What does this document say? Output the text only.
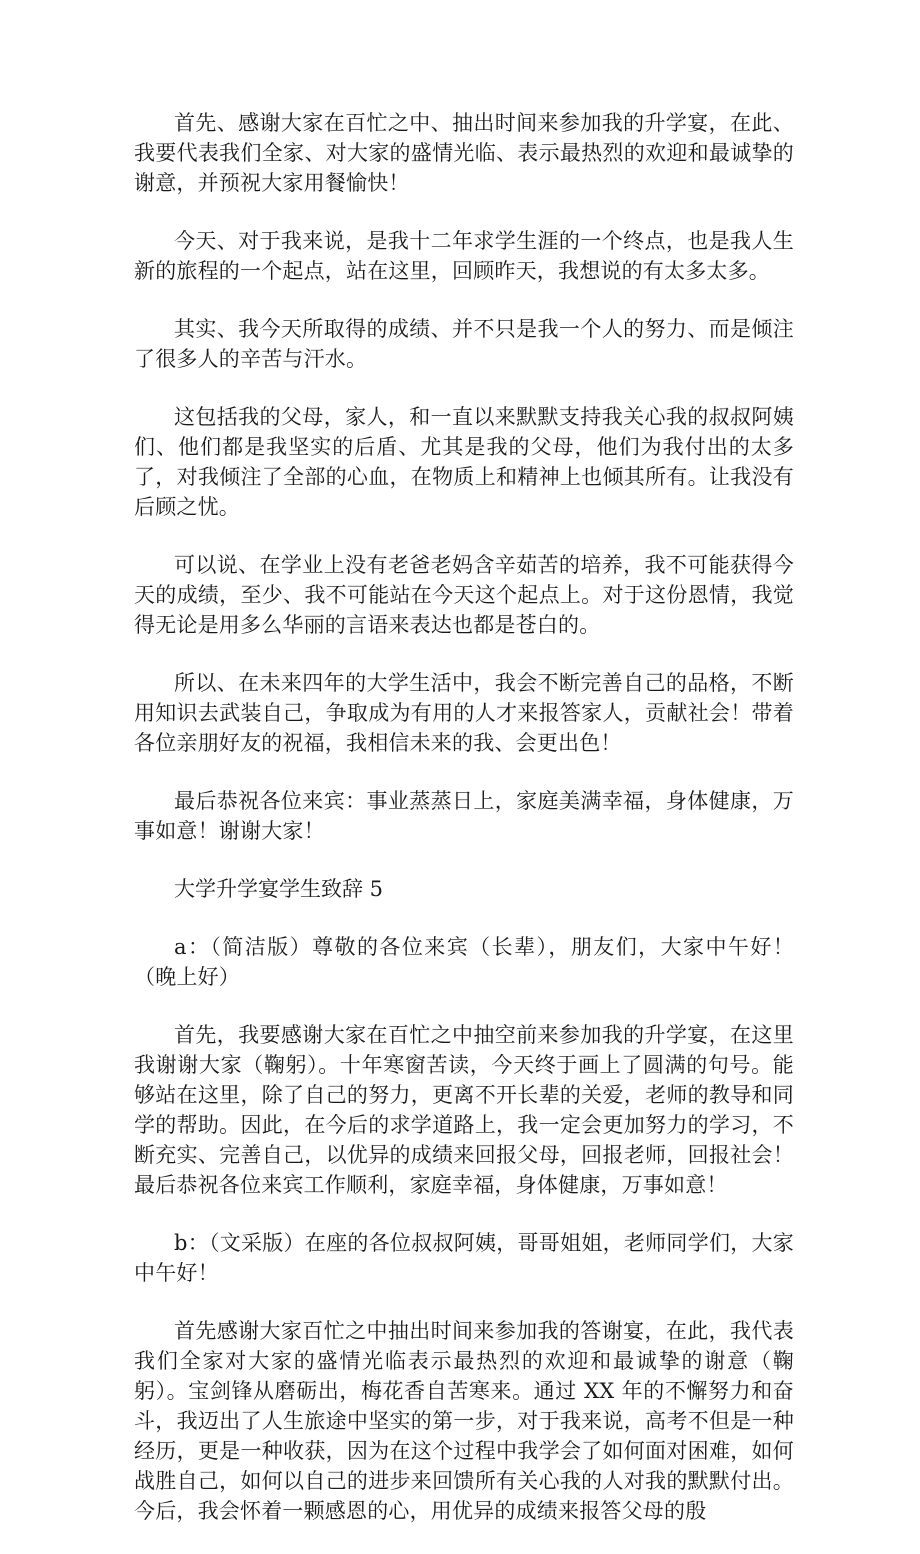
首先、感谢大家在百忙之中、抽出时间来参加我的升学宴，在此、我要代表我们全家、对大家的盛情光临、表示最热烈的欢迎和最诚挚的谢意，并预祝大家用餐愉快！

今天、对于我来说，是我十二年求学生涯的一个终点，也是我人生新的旅程的一个起点，站在这里，回顾昨天，我想说的有太多太多。

其实、我今天所取得的成绩、并不只是我一个人的努力、而是倾注了很多人的辛苦与汗水。

这包括我的父母，家人，和一直以来默默支持我关心我的叔叔阿姨们、他们都是我坚实的后盾、尤其是我的父母，他们为我付出的太多了，对我倾注了全部的心血，在物质上和精神上也倾其所有。让我没有后顾之忧。

可以说、在学业上没有老爸老妈含辛茹苦的培养，我不可能获得今天的成绩，至少、我不可能站在今天这个起点上。对于这份恩情，我觉得无论是用多么华丽的言语来表达也都是苍白的。

所以、在未来四年的大学生活中，我会不断完善自己的品格，不断用知识去武装自己，争取成为有用的人才来报答家人，贡献社会！带着各位亲朋好友的祝福，我相信未来的我、会更出色！

最后恭祝各位来宾：事业蒸蒸日上，家庭美满幸福，身体健康，万事如意！谢谢大家！

大学升学宴学生致辞 5

a：（简洁版）尊敬的各位来宾（长辈），朋友们，大家中午好！（晚上好）

首先，我要感谢大家在百忙之中抽空前来参加我的升学宴，在这里我谢谢大家（鞠躬）。十年寒窗苦读，今天终于画上了圆满的句号。能够站在这里，除了自己的努力，更离不开长辈的关爱，老师的教导和同学的帮助。因此，在今后的求学道路上，我一定会更加努力的学习，不断充实、完善自己，以优异的成绩来回报父母，回报老师，回报社会！最后恭祝各位来宾工作顺利，家庭幸福，身体健康，万事如意！

b：（文采版）在座的各位叔叔阿姨，哥哥姐姐，老师同学们，大家中午好！

首先感谢大家百忙之中抽出时间来参加我的答谢宴，在此，我代表我们全家对大家的盛情光临表示最热烈的欢迎和最诚挚的谢意（鞠躬）。宝剑锋从磨砺出，梅花香自苦寒来。通过 XX 年的不懈努力和奋斗，我迈出了人生旅途中坚实的第一步，对于我来说，高考不但是一种经历，更是一种收获，因为在这个过程中我学会了如何面对困难，如何战胜自己，如何以自己的进步来回馈所有关心我的人对我的默默付出。今后，我会怀着一颗感恩的心，用优异的成绩来报答父母的殷
